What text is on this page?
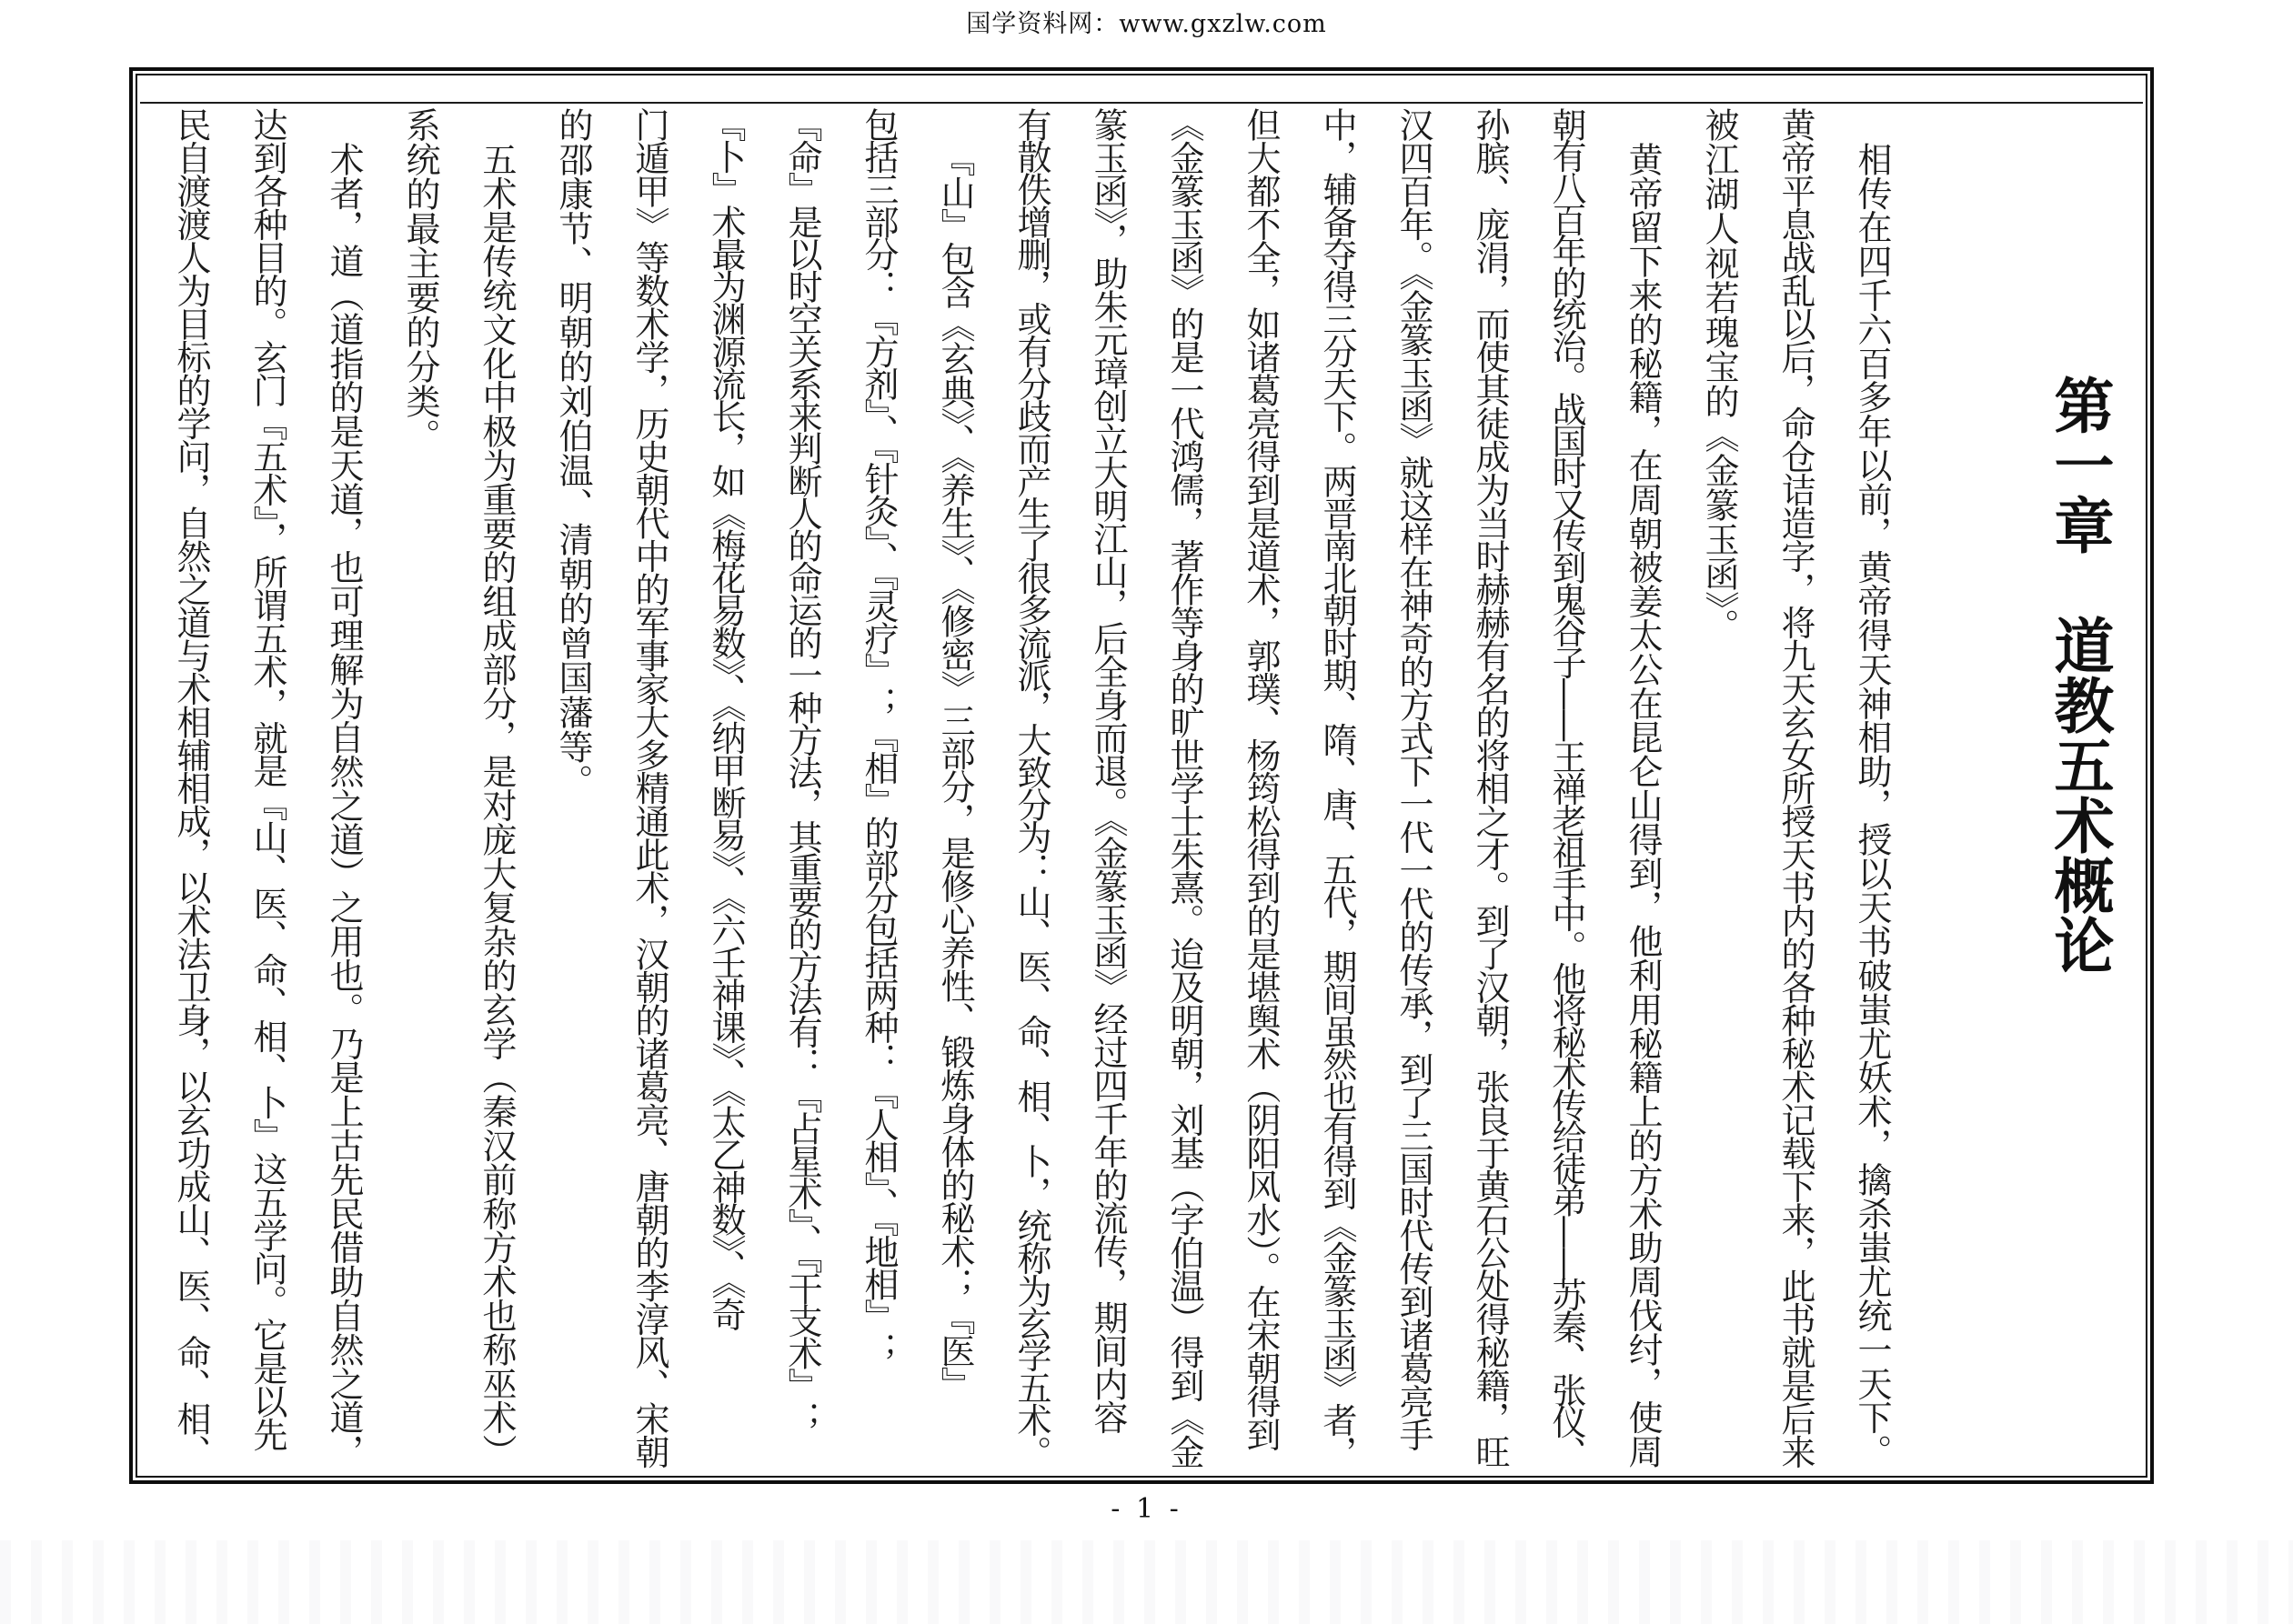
国学资料网：www.gxzlw.com
第一章　道教五术概论
相传在四千六百多年以前，黄帝得天神相助，授以天书破蚩尤妖术，擒杀蚩尤统一天下。
黄帝平息战乱以后，命仓诘造字，将九天玄女所授天书内的各种秘术记载下来，此书就是后来
被江湖人视若瑰宝的《金篆玉函》。
黄帝留下来的秘籍，在周朝被姜太公在昆仑山得到，他利用秘籍上的方术助周伐纣，使周
朝有八百年的统治。战国时又传到鬼谷子——王禅老祖手中。他将秘术传给徒弟——苏秦、张仪、
孙膑、庞涓，而使其徒成为当时赫赫有名的将相之才。到了汉朝，张良于黄石公处得秘籍，旺
汉四百年。《金篆玉函》就这样在神奇的方式下一代一代的传承，到了三国时代传到诸葛亮手
中，辅备夺得三分天下。两晋南北朝时期、隋、唐、五代，期间虽然也有得到《金篆玉函》者，
但大都不全，如诸葛亮得到是道术，郭璞、杨筠松得到的是堪舆术（阴阳风水）。在宋朝得到
《金篆玉函》的是一代鸿儒，著作等身的旷世学士朱熹。迨及明朝，刘基（字伯温）得到《金
篆玉函》，助朱元璋创立大明江山，后全身而退。《金篆玉函》经过四千年的流传，期间内容
有散佚增删，或有分歧而产生了很多流派，大致分为：山、医、命、相、卜，统称为玄学五术。
『山』包含《玄典》、《养生》、《修密》三部分，是修心养性、锻炼身体的秘术；『医』
包括三部分：『方剂』、『针灸』、『灵疗』；『相』的部分包括两种：『人相』、『地相』；
『命』是以时空关系来判断人的命运的一种方法，其重要的方法有：『占星术』、『干支术』；
『卜』术最为渊源流长，如《梅花易数》、《纳甲断易》、《六壬神课》、《太乙神数》、《奇
门遁甲》等数术学，历史朝代中的军事家大多精通此术，汉朝的诸葛亮、唐朝的李淳风、宋朝
的邵康节、明朝的刘伯温、清朝的曾国藩等。
五术是传统文化中极为重要的组成部分，是对庞大复杂的玄学（秦汉前称方术也称巫术）
系统的最主要的分类。
术者，道（道指的是天道，也可理解为自然之道）之用也。乃是上古先民借助自然之道，
达到各种目的。玄门『五术』，所谓五术，就是『山、医、命、相、卜』这五学问。它是以先
民自渡渡人为目标的学问，自然之道与术相辅相成，以术法卫身，以玄功成山、医、命、相、
- 1 -
